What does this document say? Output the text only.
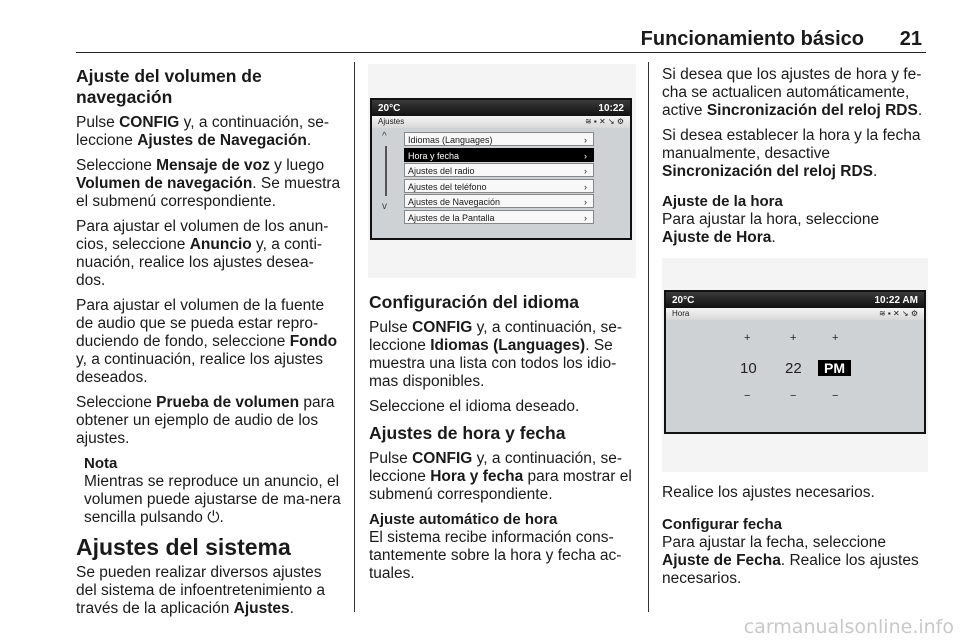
Funcionamiento básico 21
Ajuste del volumen de navegación

Pulse CONFIG y, a continuación, se-leccione Ajustes de Navegación.

Seleccione Mensaje de voz y luego Volumen de navegación. Se muestra el submenú correspondiente.

Para ajustar el volumen de los anun-cios, seleccione Anuncio y, a conti-nuación, realice los ajustes desea-dos.

Para ajustar el volumen de la fuente de audio que se pueda estar repro-duciendo de fondo, seleccione Fondo y, a continuación, realice los ajustes deseados.

Seleccione Prueba de volumen para obtener un ejemplo de audio de los ajustes.

Nota

Mientras se reproduce un anuncio, el volumen puede ajustarse de ma-nera sencilla pulsando ⏻.

Ajustes del sistema

Se pueden realizar diversos ajustes del sistema de infoentretenimiento a través de la aplicación Ajustes.

20°C	10:22
Ajustes	≋ ▪ ✕ ↘ ⚙
^
v
Idiomas (Languages)	›
Hora y fecha	›
Ajustes del radio	›
Ajustes del teléfono	›
Ajustes de Navegación	›
Ajustes de la Pantalla	›
Configuración del idioma

Pulse CONFIG y, a continuación, se-leccione Idiomas (Languages). Se muestra una lista con todos los idio-mas disponibles.

Seleccione el idioma deseado.

Ajustes de hora y fecha

Pulse CONFIG y, a continuación, se-leccione Hora y fecha para mostrar el submenú correspondiente.

Ajuste automático de hora

El sistema recibe información cons-tantemente sobre la hora y fecha ac-tuales.

Si desea que los ajustes de hora y fe-cha se actualicen automáticamente, active Sincronización del reloj RDS.

Si desea establecer la hora y la fecha manualmente, desactive Sincronización del reloj RDS.

Ajuste de la hora

Para ajustar la hora, seleccione Ajuste de Hora.

20°C	10:22 AM
Hora	≋ ▪ ✕ ↘ ⚙
+	+	+
10 22	PM
−	−	−

Realice los ajustes necesarios.

Configurar fecha

Para ajustar la fecha, seleccione Ajuste de Fecha. Realice los ajustes necesarios.

carmanualsonline.info
